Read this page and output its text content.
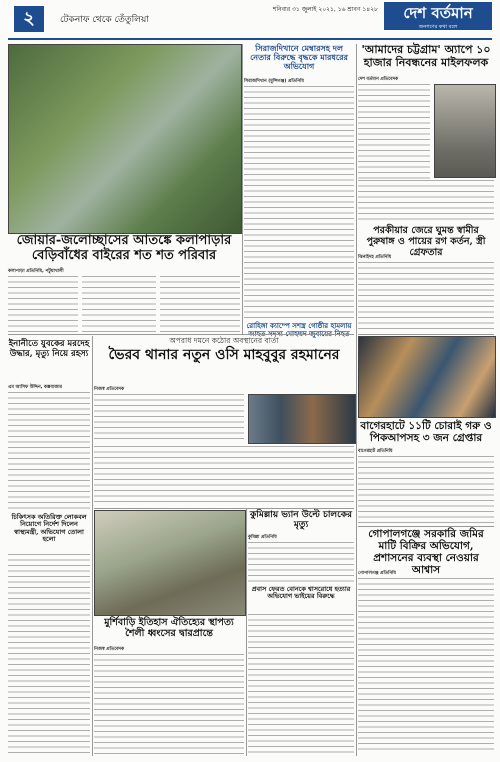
২	টেকনাফ থেকে তেঁতুলিয়া
শনিবার ৩১ জুলাই ২০২১, ১৬ শ্রাবণ ১৪২৮	দেশ বর্তমান
জনগণের কথা বলে
জোয়ার-জলোচ্ছাসের আতঙ্কে কলাপাড়ার বেড়িবাঁধের বাইরের শত শত পরিবার
কলাপাড়া প্রতিনিধি, পটুয়াখালী
সিরাজদিখানে মেম্বারসহ দল নেতার বিরুদ্ধে বৃদ্ধকে মারধরের অভিযোগ
সিরাজদিখান (মুন্সিগঞ্জ) প্রতিনিধি
'আমাদের চট্টগ্রাম' অ্যাপে ১০ হাজার নিবন্ধনের মাইলফলক
দেশ বর্তমান প্রতিবেদক
পরকীয়ার জেরে ঘুমন্ত স্বামীর পুরুষাঙ্গ ও পায়ের রগ কর্তন, স্ত্রী গ্রেফতার
ঝিনাইদহ প্রতিনিধি
ইনানীতে যুবকের মরদেহ উদ্ধার, মৃত্যু নিয়ে রহস্য
এম আসিফ উদ্দিন, কক্সবাজার
অপরাধ দমনে কঠোর অবস্থানের বার্তা
ভৈরব থানার নতুন ওসি মাহবুবুর রহমানের
নিজস্ব প্রতিবেদক
রোহিঙ্গা ক্যাম্পে সশস্ত্র গোষ্ঠীর হামলায়
বাগেরহাটে ১১টি চোরাই গরু ও পিকআপসহ ৩ জন গ্রেপ্তার
বাগেরহাট প্রতিনিধি
চিকিৎসক অতিরিক্ত লোকবল নিয়োগে নির্দেশ দিলেন স্বাস্থ্যমন্ত্রী, অভিযোগ তোলা হলো
মুর্শিবাড়ি ইতিহাস ঐতিহ্যের স্থাপত্য শৈলী ধ্বংসের দ্বারপ্রান্তে
নিজস্ব প্রতিবেদক
কুমিল্লায় ভ্যান উল্টে চালকের মৃত্যু
কুমিল্লা প্রতিনিধি
প্রবাস ফেরত বোনকে শ্বাসরোধে হত্যার অভিযোগ ভাইয়ের বিরুদ্ধে
গোপালগঞ্জে সরকারি জমির মাটি বিক্রির অভিযোগ, প্রশাসনের ব্যবস্থা নেওয়ার আশ্বাস
গোপালগঞ্জ প্রতিনিধি
